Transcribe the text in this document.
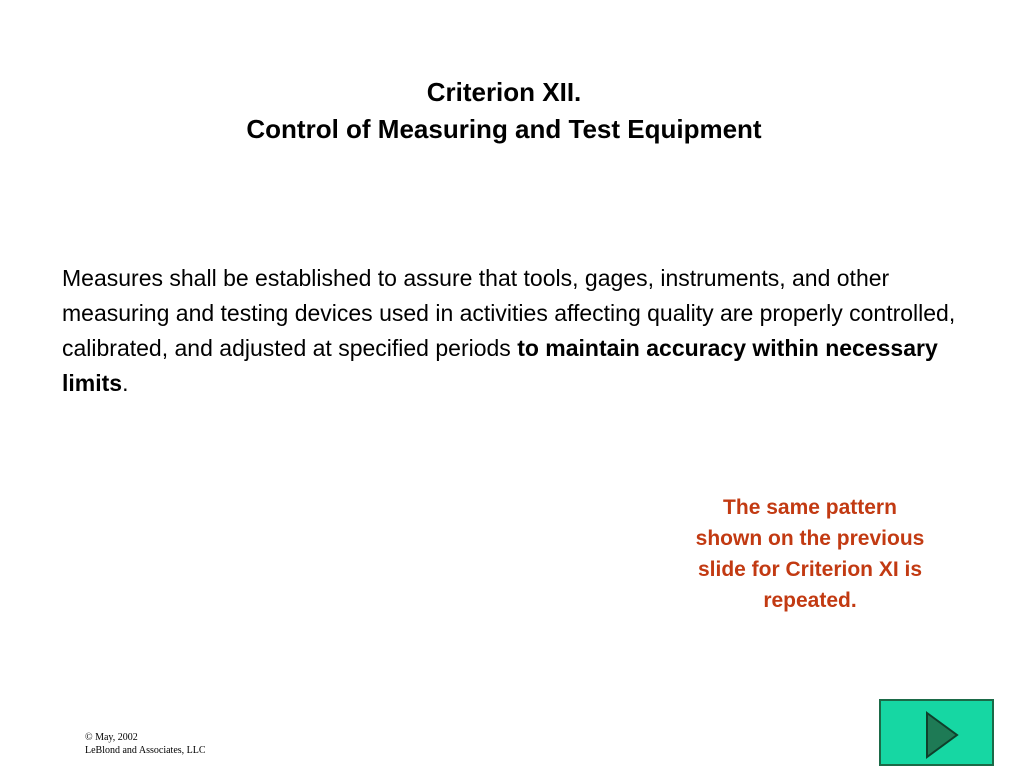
Criterion XII.
Control of Measuring and Test Equipment
Measures shall be established to assure that tools, gages, instruments, and other measuring and testing devices used in activities affecting quality are properly controlled, calibrated, and adjusted at specified periods to maintain accuracy within necessary limits.
The same pattern shown on the previous slide for Criterion XI is repeated.
© May, 2002
LeBlond and Associates, LLC
